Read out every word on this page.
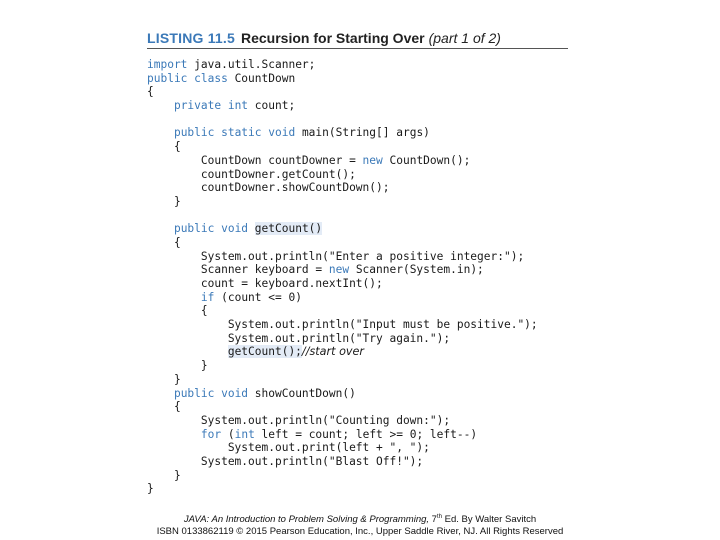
LISTING 11.5 Recursion for Starting Over (part 1 of 2)
import java.util.Scanner;
public class CountDown
{
private int count;
public static void main(String[] args)
{
CountDown countDowner = new CountDown();
countDowner.getCount();
countDowner.showCountDown();
}
public void getCount()
{
System.out.println("Enter a positive integer:");
Scanner keyboard = new Scanner(System.in);
count = keyboard.nextInt();
if (count <= 0)
{
System.out.println("Input must be positive.");
System.out.println("Try again.");
getCount();//start over
}
}
public void showCountDown()
{
System.out.println("Counting down:");
for (int left = count; left >= 0; left--)
System.out.print(left + ", ");
System.out.println("Blast Off!");
}
}
JAVA: An Introduction to Problem Solving & Programming, 7th Ed. By Walter Savitch
ISBN 0133862119 © 2015 Pearson Education, Inc., Upper Saddle River, NJ. All Rights Reserved
